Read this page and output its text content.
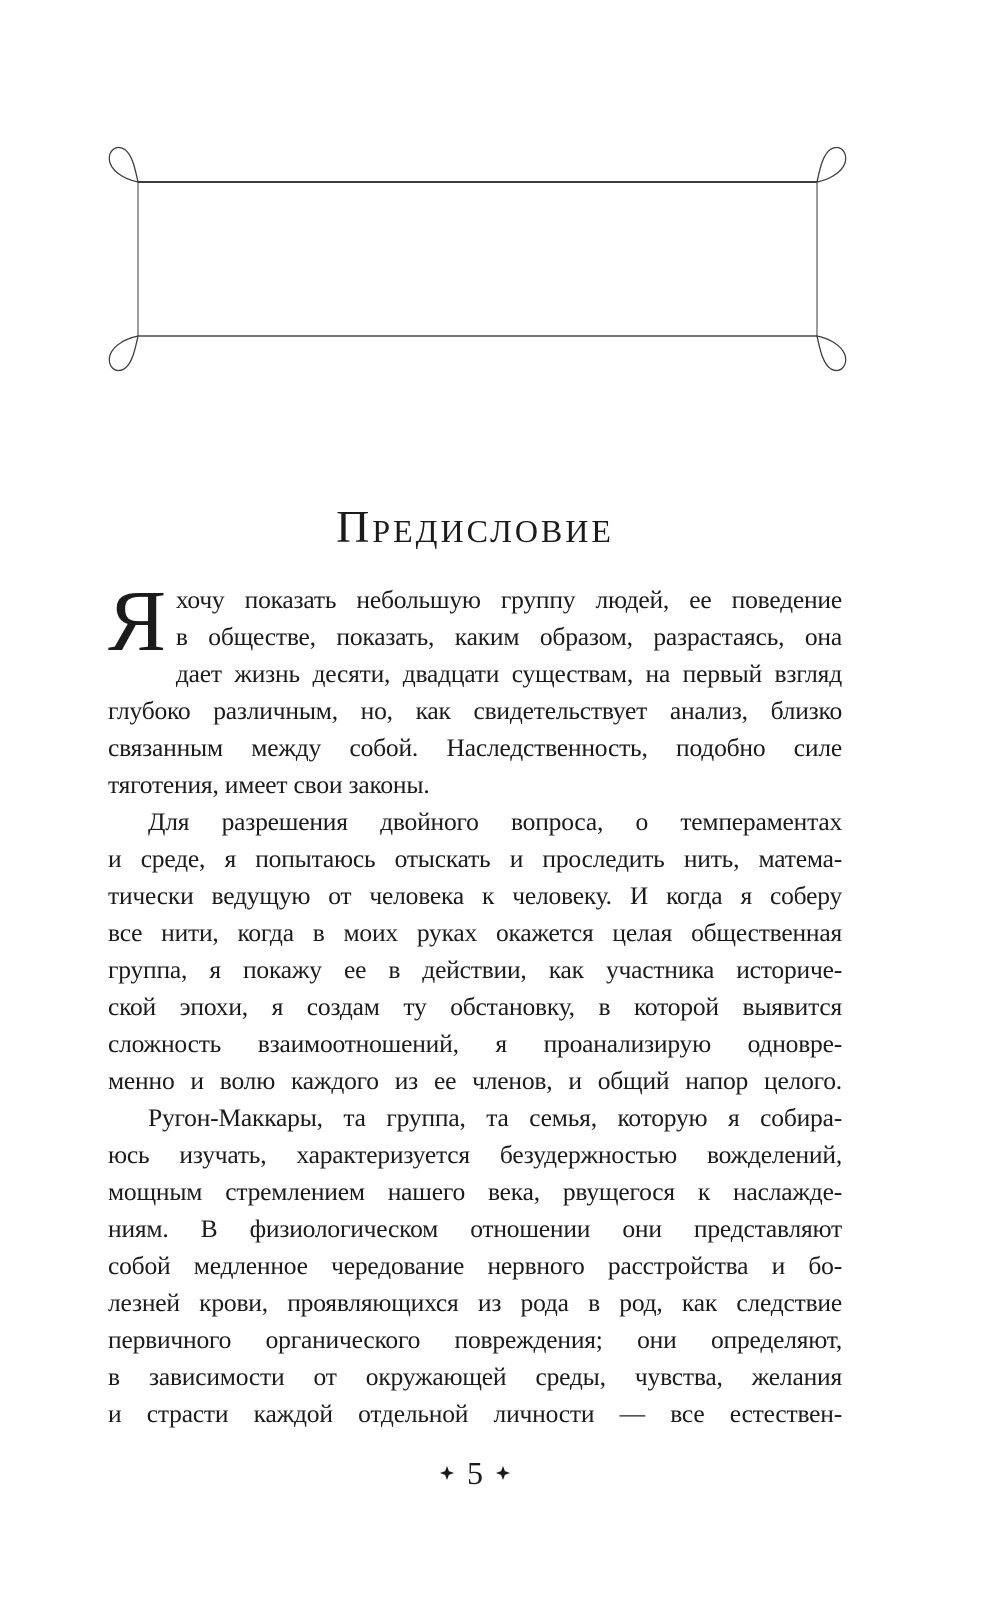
Предисловие
Я хочу показать небольшую группу людей, ее поведение
в обществе, показать, каким образом, разрастаясь, она
дает жизнь десяти, двадцати существам, на первый взгляд
глубоко различным, но, как свидетельствует анализ, близко
связанным между собой. Наследственность, подобно силе
тяготения, имеет свои законы.
Для разрешения двойного вопроса, о темпераментах
и среде, я попытаюсь отыскать и проследить нить, матема-
тически ведущую от человека к человеку. И когда я соберу
все нити, когда в моих руках окажется целая общественная
группа, я покажу ее в действии, как участника историче-
ской эпохи, я создам ту обстановку, в которой выявится
сложность взаимоотношений, я проанализирую одновре-
менно и волю каждого из ее членов, и общий напор целого.
Ругон-Маккары, та группа, та семья, которую я собира-
юсь изучать, характеризуется безудержностью вожделений,
мощным стремлением нашего века, рвущегося к наслажде-
ниям. В физиологическом отношении они представляют
собой медленное чередование нервного расстройства и бо-
лезней крови, проявляющихся из рода в род, как следствие
первичного органического повреждения; они определяют,
в зависимости от окружающей среды, чувства, желания
и страсти каждой отдельной личности — все естествен-
5
